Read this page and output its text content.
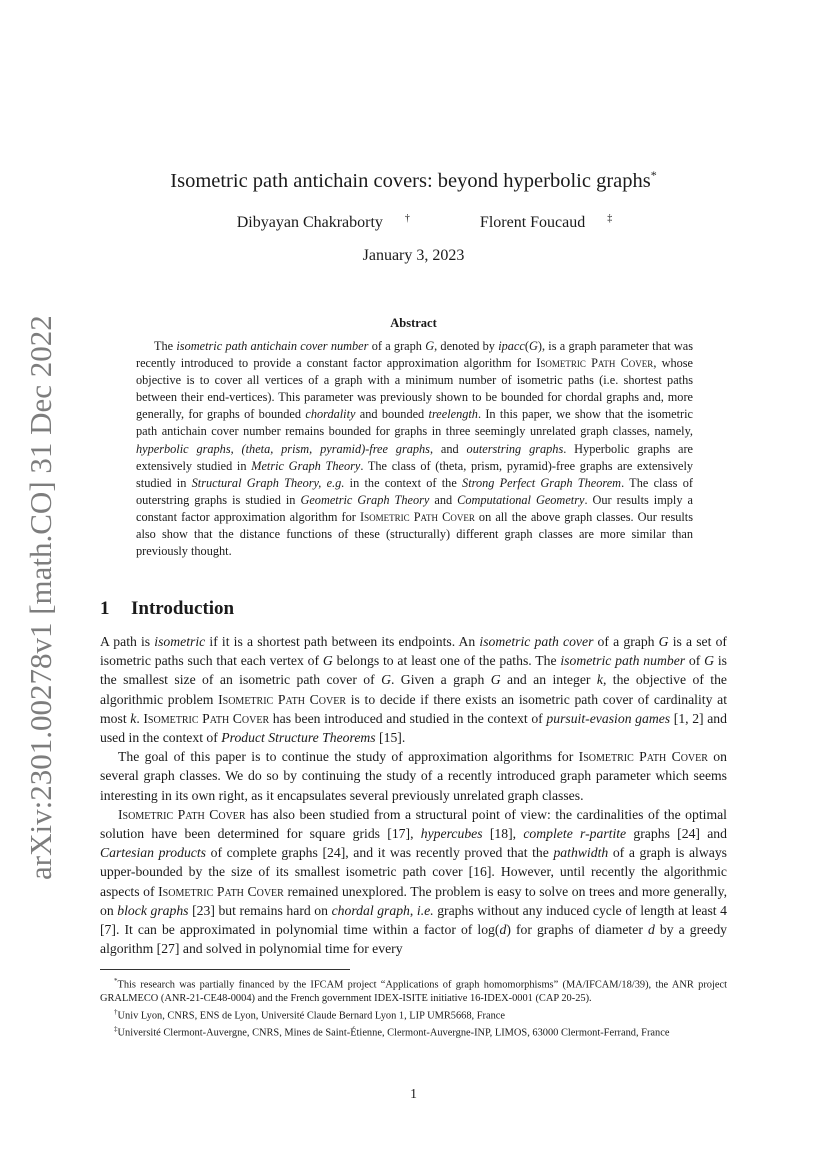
arXiv:2301.00278v1 [math.CO] 31 Dec 2022
Isometric path antichain covers: beyond hyperbolic graphs*
Dibyayan Chakraborty †	Florent Foucaud ‡
January 3, 2023
Abstract
The isometric path antichain cover number of a graph G, denoted by ipacc(G), is a graph parameter that was recently introduced to provide a constant factor approximation algorithm for Isometric Path Cover, whose objective is to cover all vertices of a graph with a minimum number of isometric paths (i.e. shortest paths between their end-vertices). This parameter was previously shown to be bounded for chordal graphs and, more generally, for graphs of bounded chordality and bounded treelength. In this paper, we show that the isometric path antichain cover number remains bounded for graphs in three seemingly unrelated graph classes, namely, hyperbolic graphs, (theta, prism, pyramid)-free graphs, and outerstring graphs. Hyperbolic graphs are extensively studied in Metric Graph Theory. The class of (theta, prism, pyramid)-free graphs are extensively studied in Structural Graph Theory, e.g. in the context of the Strong Perfect Graph Theorem. The class of outerstring graphs is studied in Geometric Graph Theory and Computational Geometry. Our results imply a constant factor approximation algorithm for Isometric Path Cover on all the above graph classes. Our results also show that the distance functions of these (structurally) different graph classes are more similar than previously thought.
1 Introduction

A path is isometric if it is a shortest path between its endpoints. An isometric path cover of a graph G is a set of isometric paths such that each vertex of G belongs to at least one of the paths. The isometric path number of G is the smallest size of an isometric path cover of G. Given a graph G and an integer k, the objective of the algorithmic problem Isometric Path Cover is to decide if there exists an isometric path cover of cardinality at most k. Isometric Path Cover has been introduced and studied in the context of pursuit-evasion games [1, 2] and used in the context of Product Structure Theorems [15].

The goal of this paper is to continue the study of approximation algorithms for Isometric Path Cover on several graph classes. We do so by continuing the study of a recently introduced graph parameter which seems interesting in its own right, as it encapsulates several previously unrelated graph classes.

Isometric Path Cover has also been studied from a structural point of view: the cardinalities of the optimal solution have been determined for square grids [17], hypercubes [18], complete r-partite graphs [24] and Cartesian products of complete graphs [24], and it was recently proved that the pathwidth of a graph is always upper-bounded by the size of its smallest isometric path cover [16]. However, until recently the algorithmic aspects of Isometric Path Cover remained unexplored. The problem is easy to solve on trees and more generally, on block graphs [23] but remains hard on chordal graph, i.e. graphs without any induced cycle of length at least 4 [7]. It can be approximated in polynomial time within a factor of log(d) for graphs of diameter d by a greedy algorithm [27] and solved in polynomial time for every

*This research was partially financed by the IFCAM project “Applications of graph homomorphisms” (MA/IFCAM/18/39), the ANR project GRALMECO (ANR-21-CE48-0004) and the French government IDEX-ISITE initiative 16-IDEX-0001 (CAP 20-25).

†Univ Lyon, CNRS, ENS de Lyon, Université Claude Bernard Lyon 1, LIP UMR5668, France

‡Université Clermont-Auvergne, CNRS, Mines de Saint-Étienne, Clermont-Auvergne-INP, LIMOS, 63000 Clermont-Ferrand, France

1
